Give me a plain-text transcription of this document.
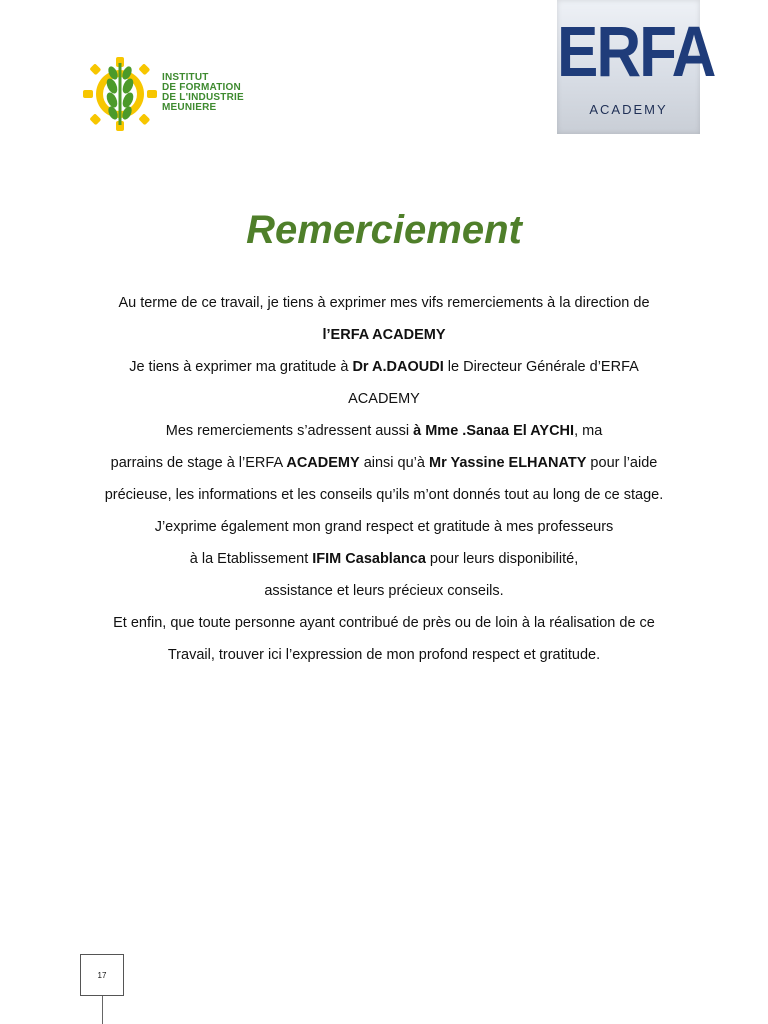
INSTITUT
DE FORMATION
DE L'INDUSTRIE
MEUNIERE
ERFA
ACADEMY
Remerciement

Au terme de ce travail, je tiens à exprimer mes vifs remerciements à la direction de

l’ERFA ACADEMY

Je tiens à exprimer ma gratitude à Dr A.DAOUDI le Directeur Générale d’ERFA

ACADEMY

Mes remerciements s’adressent aussi à Mme .Sanaa El AYCHI, ma

parrains de stage à l’ERFA ACADEMY ainsi qu’à Mr Yassine ELHANATY pour l’aide

précieuse, les informations et les conseils qu’ils m’ont donnés tout au long de ce stage.

J’exprime également mon grand respect et gratitude à mes professeurs

à la Etablissement IFIM Casablanca pour leurs disponibilité,

assistance et leurs précieux conseils.

Et enfin, que toute personne ayant contribué de près ou de loin à la réalisation de ce

Travail, trouver ici l’expression de mon profond respect et gratitude.

17
